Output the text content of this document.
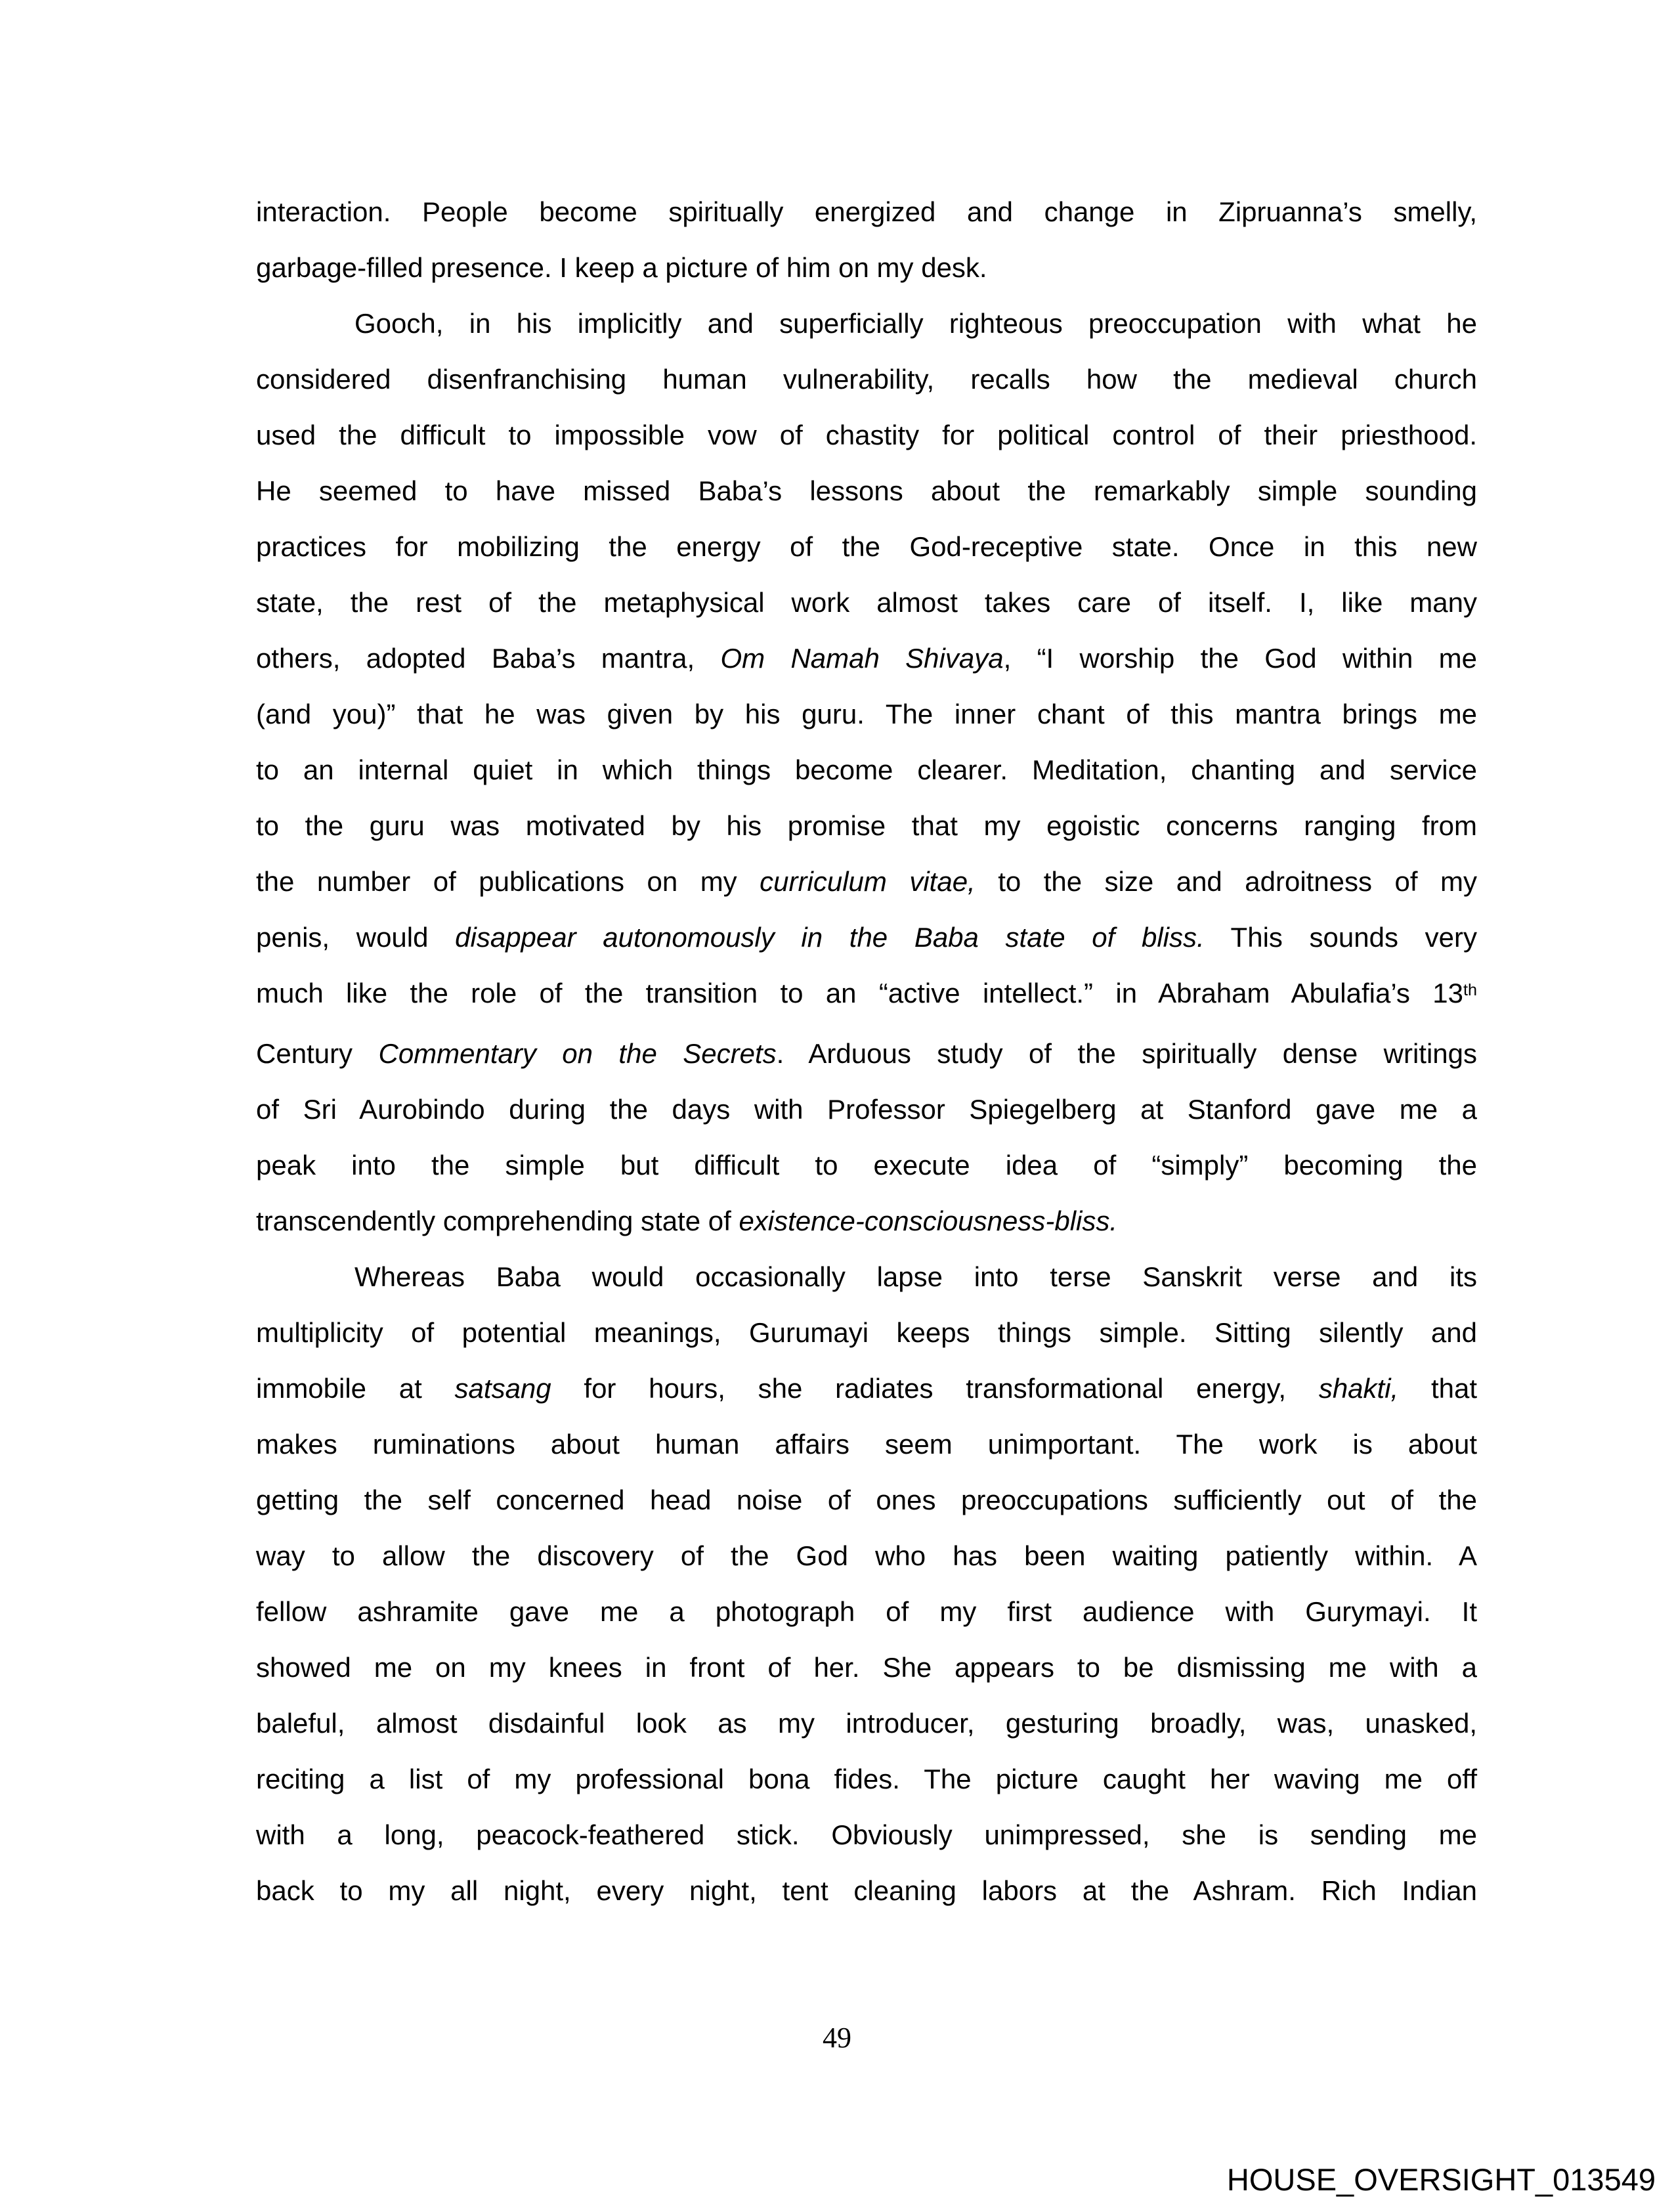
interaction. People become spiritually energized and change in Zipruanna’s smelly,
garbage-filled presence. I keep a picture of him on my desk.
Gooch, in his implicitly and superficially righteous preoccupation with what he
considered disenfranchising human vulnerability, recalls how the medieval church
used the difficult to impossible vow of chastity for political control of their priesthood.
He seemed to have missed Baba’s lessons about the remarkably simple sounding
practices for mobilizing the energy of the God-receptive state. Once in this new
state, the rest of the metaphysical work almost takes care of itself. I, like many
others, adopted Baba’s mantra, Om Namah Shivaya, “I worship the God within me
(and you)” that he was given by his guru. The inner chant of this mantra brings me
to an internal quiet in which things become clearer. Meditation, chanting and service
to the guru was motivated by his promise that my egoistic concerns ranging from
the number of publications on my curriculum vitae, to the size and adroitness of my
penis, would disappear autonomously in the Baba state of bliss. This sounds very
much like the role of the transition to an “active intellect.” in Abraham Abulafia’s 13th
Century Commentary on the Secrets. Arduous study of the spiritually dense writings
of Sri Aurobindo during the days with Professor Spiegelberg at Stanford gave me a
peak into the simple but difficult to execute idea of “simply” becoming the
transcendently comprehending state of existence-consciousness-bliss.
Whereas Baba would occasionally lapse into terse Sanskrit verse and its
multiplicity of potential meanings, Gurumayi keeps things simple. Sitting silently and
immobile at satsang for hours, she radiates transformational energy, shakti, that
makes ruminations about human affairs seem unimportant. The work is about
getting the self concerned head noise of ones preoccupations sufficiently out of the
way to allow the discovery of the God who has been waiting patiently within. A
fellow ashramite gave me a photograph of my first audience with Gurymayi. It
showed me on my knees in front of her. She appears to be dismissing me with a
baleful, almost disdainful look as my introducer, gesturing broadly, was, unasked,
reciting a list of my professional bona fides. The picture caught her waving me off
with a long, peacock-feathered stick. Obviously unimpressed, she is sending me
back to my all night, every night, tent cleaning labors at the Ashram. Rich Indian
49
HOUSE_OVERSIGHT_013549
